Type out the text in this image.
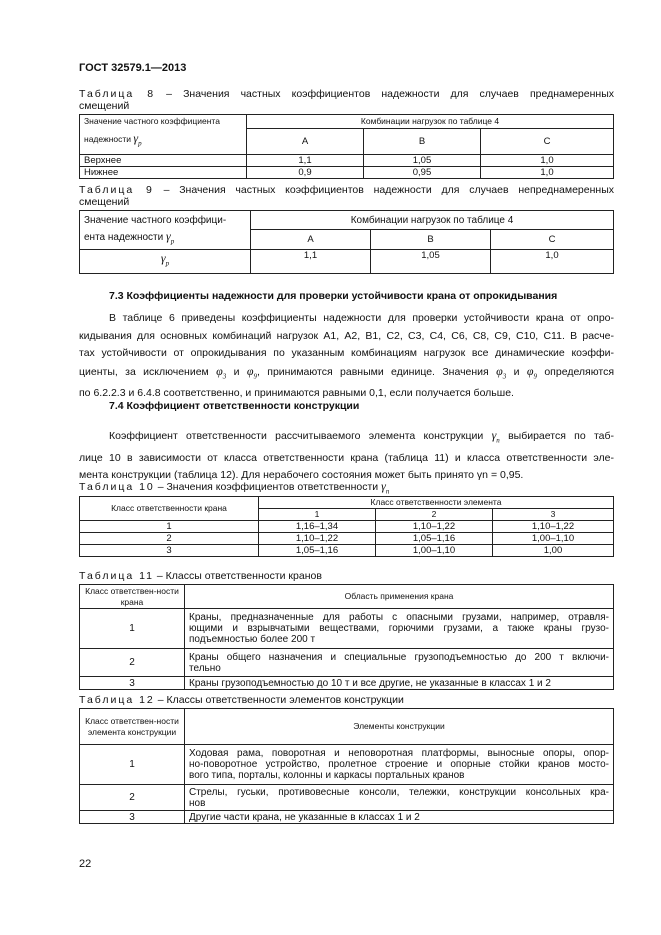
ГОСТ 32579.1—2013
Таблица 8 – Значения частных коэффициентов надежности для случаев преднамеренных
смещений
Значение частного коэффициента	Комбинации нагрузок по таблице 4		
надежности $\gamma_p$	А	В	С
Верхнее	1,1	1,05	1,0
Нижнее	0,9	0,95	1,0
Таблица 9 – Значения частных коэффициентов надежности для случаев непреднамеренных
смещений
Значение частного коэффици-	Комбинации нагрузок по таблице 4		
ента надежности $\gamma_p$	А	В	С
$\gamma_p$	1,1	1,05	1,0
7.3 Коэффициенты надежности для проверки устойчивости крана от опрокидывания
В таблице 6 приведены коэффициенты надежности для проверки устойчивости крана от опро-
кидывания для основных комбинаций нагрузок А1, А2, В1, С2, С3, С4, С6, С8, С9, С10, С11. В расче-
тах устойчивости от опрокидывания по указанным комбинациям нагрузок все динамические коэффи-
циенты, за исключением $\varphi_3$ и $\varphi_9$, принимаются равными единице. Значения $\varphi_3$ и $\varphi_9$ определяются
по 6.2.2.3 и 6.4.8 соответственно, и принимаются равными 0,1, если получается больше.
7.4 Коэффициент ответственности конструкции
Коэффициент ответственности рассчитываемого элемента конструкции $\gamma_n$ выбирается по таб-
лице 10 в зависимости от класса ответственности крана (таблица 11) и класса ответственности эле-
мента конструкции (таблица 12). Для нерабочего состояния может быть принято γn = 0,95.
Таблица 10 – Значения коэффициентов ответственности $\gamma_n$
Класс ответственности крана	Класс ответственности элемента		
	1	2	3
1	1,16–1,34	1,10–1,22	1,10–1,22
2	1,10–1,22	1,05–1,16	1,00–1,10
3	1,05–1,16	1,00–1,10	1,00
Таблица 11 – Классы ответственности кранов
Класс ответствен-ности крана	Область применения крана
1	Краны, предназначенные для работы с опасными грузами, например, отравля-
ющими и взрывчатыми веществами, горючими грузами, а также краны грузо-
подъемностью более 200 т
2	Краны общего назначения и специальные грузоподъемностью до 200 т включи-
тельно
3	Краны грузоподъемностью до 10 т и все другие, не указанные в классах 1 и 2
Таблица 12 – Классы ответственности элементов конструкции
Класс ответствен-ности элемента конструкции	Элементы конструкции
1	Ходовая рама, поворотная и неповоротная платформы, выносные опоры, опор-
но-поворотное устройство, пролетное строение и опорные стойки кранов мосто-
вого типа, порталы, колонны и каркасы портальных кранов
2	Стрелы, гуськи, противовесные консоли, тележки, конструкции консольных кра-
нов
3	Другие части крана, не указанные в классах 1 и 2
22
